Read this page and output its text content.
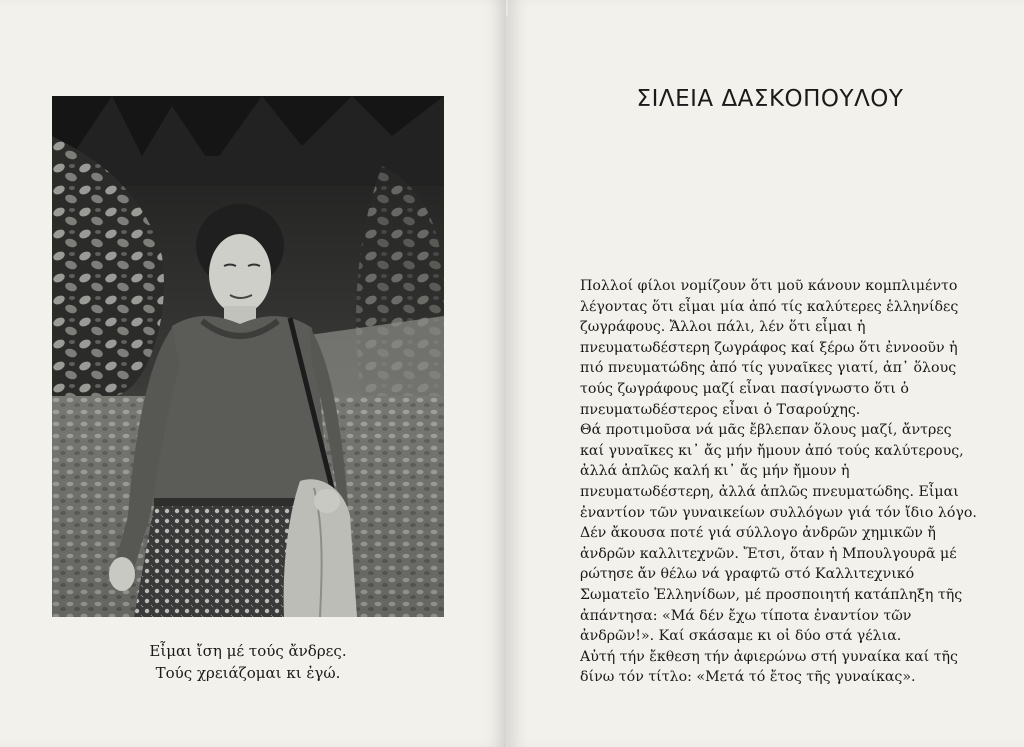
Εἶμαι ἴση μέ τούς ἄνδρες.
Τούς χρειάζομαι κι ἐγώ.
ΣΙΛΕΙΑ ΔΑΣΚΟΠΟΥΛΟΥ
Πολλοί φίλοι νομίζουν ὅτι μοῦ κάνουν κομπλιμέντο
λέγοντας ὅτι εἶμαι μία ἀπό τίς καλύτερες ἑλληνίδες
ζωγράφους. Ἄλλοι πάλι, λέν ὅτι εἶμαι ἡ
πνευματωδέστερη ζωγράφος καί ξέρω ὅτι ἐννοοῦν ἡ
πιό πνευματώδης ἀπό τίς γυναῖκες γιατί, ἀπ᾿ ὅλους
τούς ζωγράφους μαζί εἶναι πασίγνωστο ὅτι ὁ
πνευματωδέστερος εἶναι ὁ Τσαρούχης.
Θά προτιμοῦσα νά μᾶς ἔβλεπαν ὅλους μαζί, ἄντρες
καί γυναῖκες κι᾿ ἄς μήν ἤμουν ἀπό τούς καλύτερους,
ἀλλά ἁπλῶς καλή κι᾿ ἄς μήν ἤμουν ἡ
πνευματωδέστερη, ἀλλά ἁπλῶς πνευματώδης. Εἶμαι
ἐναντίον τῶν γυναικείων συλλόγων γιά τόν ἴδιο λόγο.
Δέν ἄκουσα ποτέ γιά σύλλογο ἀνδρῶν χημικῶν ἤ
ἀνδρῶν καλλιτεχνῶν. Ἔτσι, ὅταν ἡ Μπουλγουρᾶ μέ
ρώτησε ἄν θέλω νά γραφτῶ στό Καλλιτεχνικό
Σωματεῖο Ἑλληνίδων, μέ προσποιητή κατάπληξη τῆς
ἀπάντησα: «Μά δέν ἔχω τίποτα ἐναντίον τῶν
ἀνδρῶν!». Καί σκάσαμε κι οἱ δύο στά γέλια.
Αὐτή τήν ἔκθεση τήν ἀφιερώνω στή γυναίκα καί τῆς
δίνω τόν τίτλο: «Μετά τό ἔτος τῆς γυναίκας».
